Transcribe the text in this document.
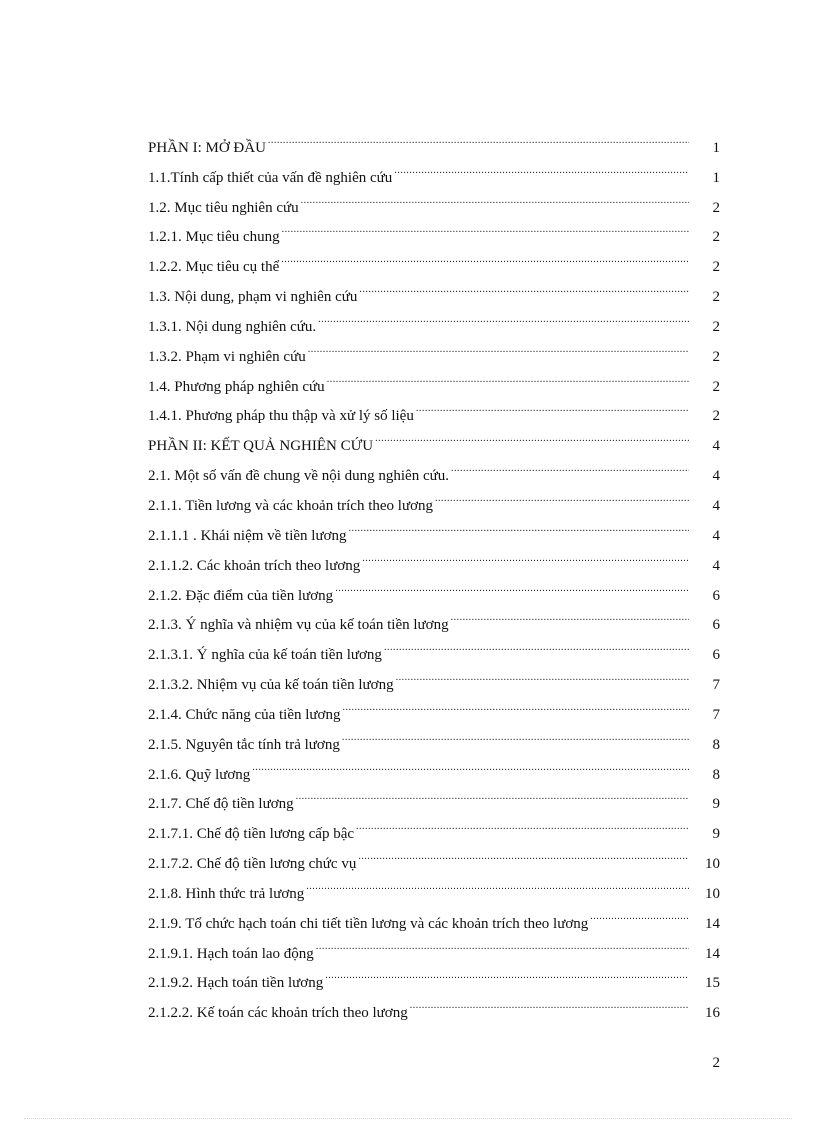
PHẦN I: MỞ ĐẦU .....	1
1.1.Tính cấp thiết của vấn đề nghiên cứu .....	1
1.2. Mục tiêu nghiên cứu .....	2
1.2.1. Mục tiêu chung .....	2
1.2.2. Mục tiêu cụ thể .....	2
1.3. Nội dung, phạm vi nghiên cứu .....	2
1.3.1. Nội dung nghiên cứu. .....	2
1.3.2. Phạm vi nghiên cứu .....	2
1.4. Phương pháp nghiên cứu .....	2
1.4.1. Phương pháp thu thập và xử lý số liệu .....	2
PHẦN II: KẾT QUẢ NGHIÊN CỨU .....	4
2.1. Một số vấn đề chung về nội dung nghiên cứu. .....	4
2.1.1. Tiền lương và các khoản trích theo lương .....	4
2.1.1.1 . Khái niệm về tiền lương .....	4
2.1.1.2. Các khoản trích theo lương .....	4
2.1.2. Đặc điểm của tiền lương .....	6
2.1.3. Ý nghĩa và nhiệm vụ của kế toán tiền lương .....	6
2.1.3.1. Ý nghĩa của kế toán tiền lương .....	6
2.1.3.2. Nhiệm vụ của kế toán tiền lương .....	7
2.1.4. Chức năng của tiền lương .....	7
2.1.5. Nguyên tắc tính trả lương .....	8
2.1.6. Quỹ lương .....	8
2.1.7. Chế độ tiền lương .....	9
2.1.7.1. Chế độ tiền lương cấp bậc .....	9
2.1.7.2. Chế độ tiền lương chức vụ .....	10
2.1.8. Hình thức trả lương .....	10
2.1.9. Tổ chức hạch toán chi tiết tiền lương và các khoản trích theo lương .....	14
2.1.9.1. Hạch toán lao động .....	14
2.1.9.2. Hạch toán tiền lương .....	15
2.1.2.2. Kế toán các khoản trích theo lương .....	16
2
